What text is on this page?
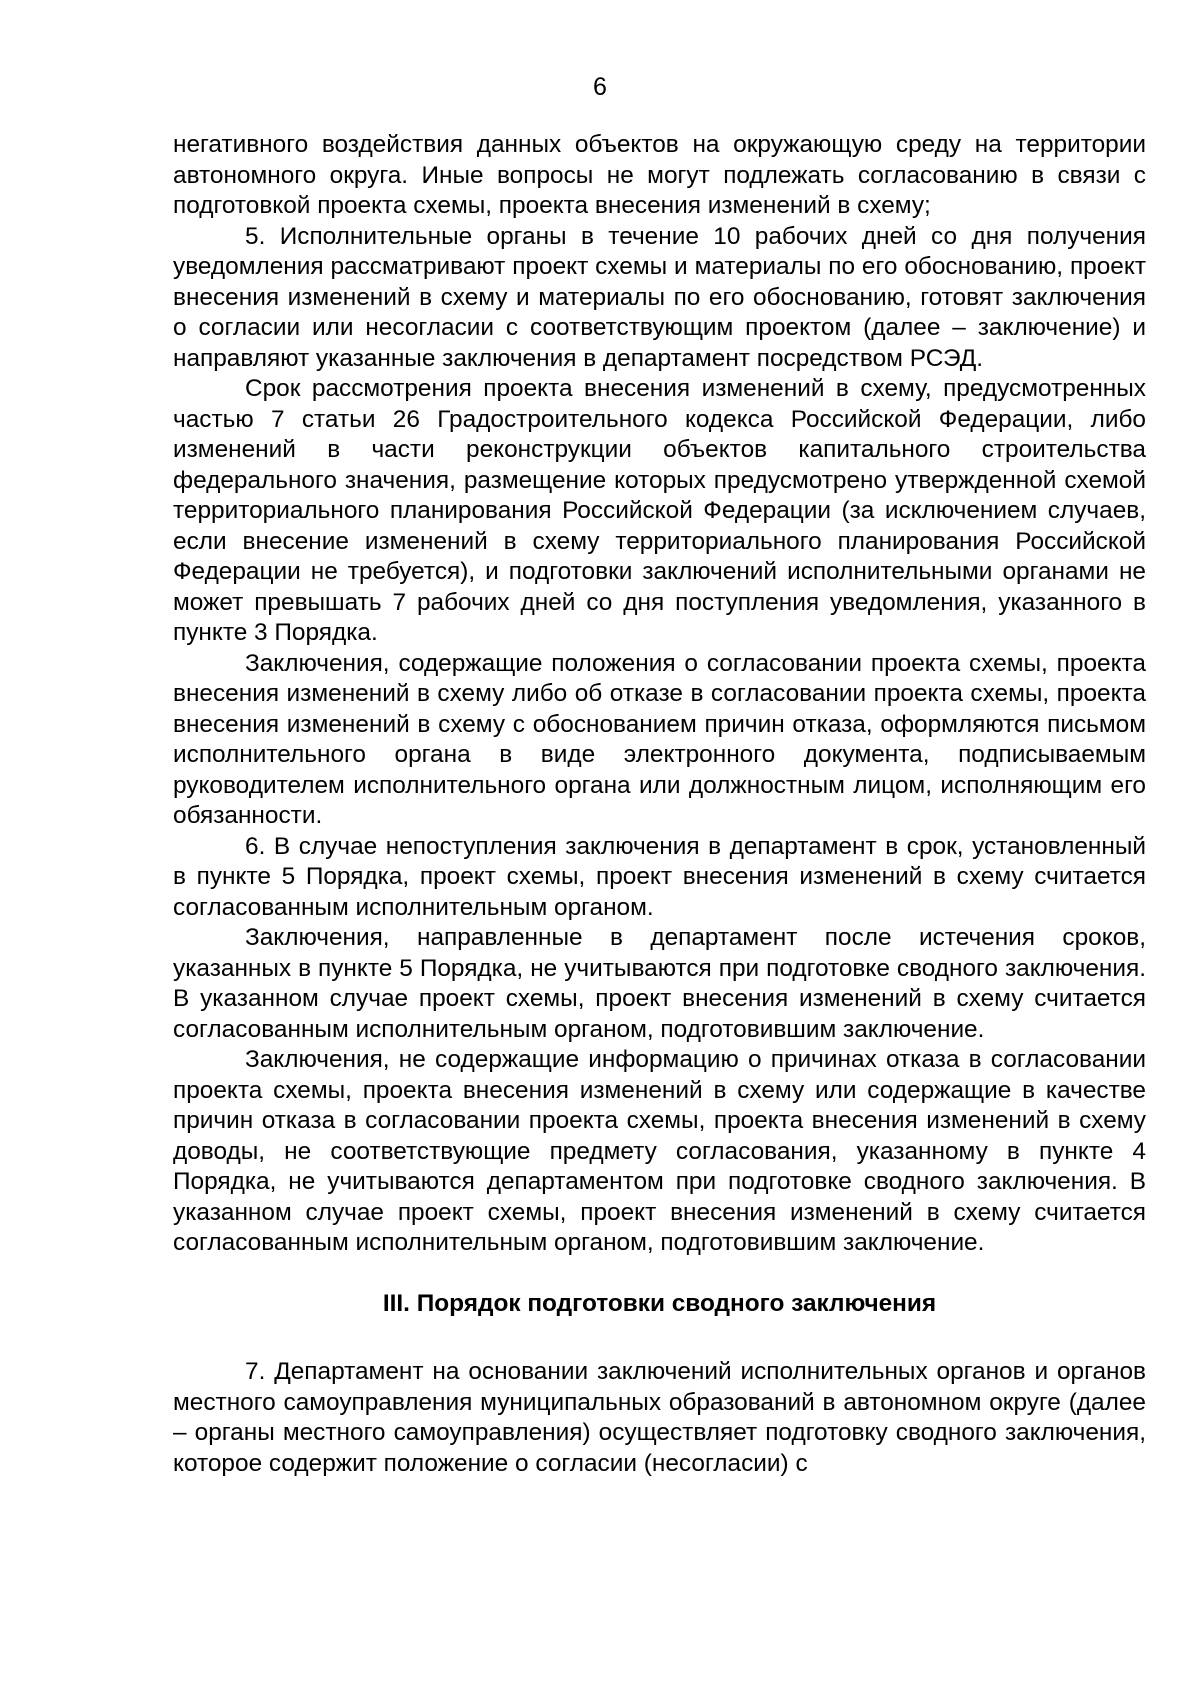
6

негативного воздействия данных объектов на окружающую среду на территории автономного округа. Иные вопросы не могут подлежать согласованию в связи с подготовкой проекта схемы, проекта внесения изменений в схему;

5. Исполнительные органы в течение 10 рабочих дней со дня получения уведомления рассматривают проект схемы и материалы по его обоснованию, проект внесения изменений в схему и материалы по его обоснованию, готовят заключения о согласии или несогласии с соответствующим проектом (далее – заключение) и направляют указанные заключения в департамент посредством РСЭД.

Срок рассмотрения проекта внесения изменений в схему, предусмотренных частью 7 статьи 26 Градостроительного кодекса Российской Федерации, либо изменений в части реконструкции объектов капитального строительства федерального значения, размещение которых предусмотрено утвержденной схемой территориального планирования Российской Федерации (за исключением случаев, если внесение изменений в схему территориального планирования Российской Федерации не требуется), и подготовки заключений исполнительными органами не может превышать 7 рабочих дней со дня поступления уведомления, указанного в пункте 3 Порядка.

Заключения, содержащие положения о согласовании проекта схемы, проекта внесения изменений в схему либо об отказе в согласовании проекта схемы, проекта внесения изменений в схему с обоснованием причин отказа, оформляются письмом исполнительного органа в виде электронного документа, подписываемым руководителем исполнительного органа или должностным лицом, исполняющим его обязанности.

6. В случае непоступления заключения в департамент в срок, установленный в пункте 5 Порядка, проект схемы, проект внесения изменений в схему считается согласованным исполнительным органом.

Заключения, направленные в департамент после истечения сроков, указанных в пункте 5 Порядка, не учитываются при подготовке сводного заключения. В указанном случае проект схемы, проект внесения изменений в схему считается согласованным исполнительным органом, подготовившим заключение.

Заключения, не содержащие информацию о причинах отказа в согласовании проекта схемы, проекта внесения изменений в схему или содержащие в качестве причин отказа в согласовании проекта схемы, проекта внесения изменений в схему доводы, не соответствующие предмету согласования, указанному в пункте 4 Порядка, не учитываются департаментом при подготовке сводного заключения. В указанном случае проект схемы, проект внесения изменений в схему считается согласованным исполнительным органом, подготовившим заключение.

III. Порядок подготовки сводного заключения

7. Департамент на основании заключений исполнительных органов и органов местного самоуправления муниципальных образований в автономном округе (далее – органы местного самоуправления) осуществляет подготовку сводного заключения, которое содержит положение о согласии (несогласии) с
